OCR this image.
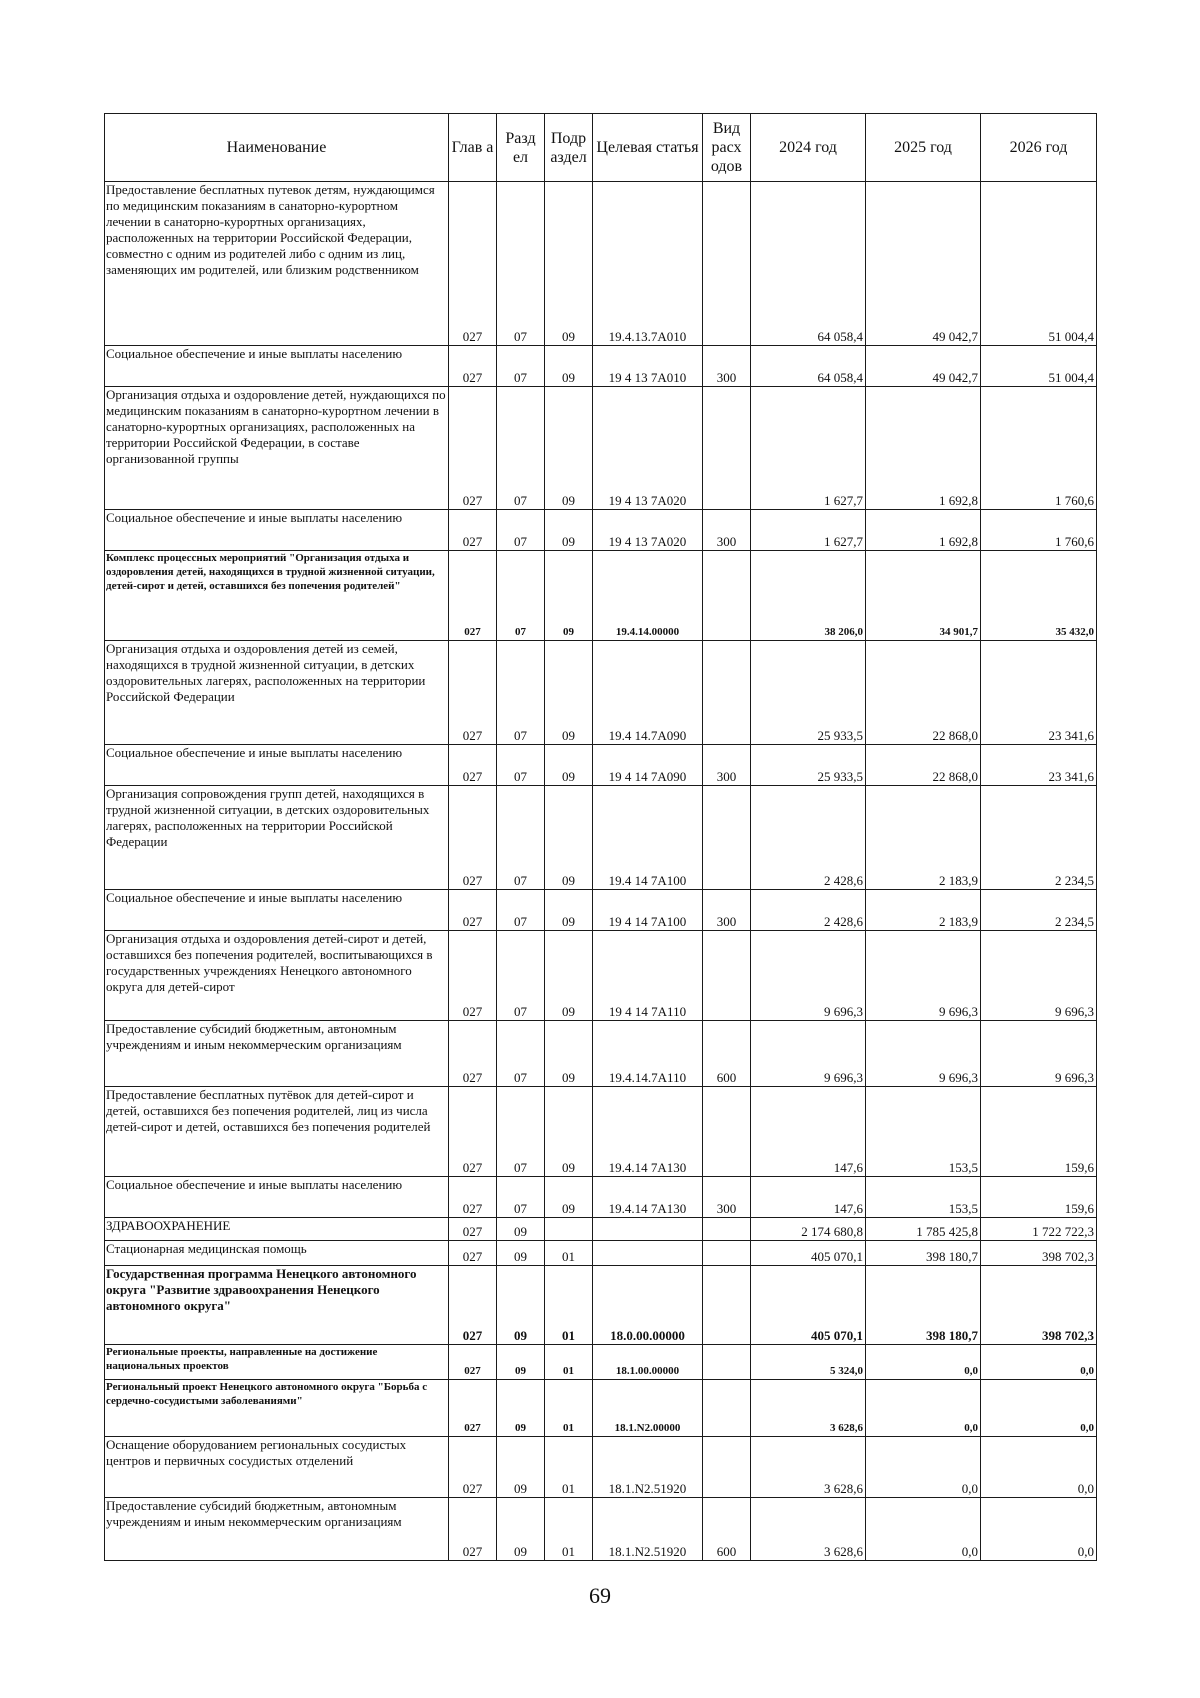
Наименование	Глав а	Разд ел	Подр аздел	Целевая статья	Вид расх одов	2024 год	2025 год	2026 год
Предоставление бесплатных путевок детям, нуждающимся по медицинским показаниям в санаторно-курортном лечении в санаторно-курортных организациях, расположенных на территории Российской Федерации, совместно с одним из родителей либо с одним из лиц, заменяющих им родителей, или близким родственником	027	07	09	19.4.13.7А010		64 058,4	49 042,7	51 004,4
Социальное обеспечение и иные выплаты населению	027	07	09	19 4 13 7А010	300	64 058,4	49 042,7	51 004,4
Организация отдыха и оздоровление детей, нуждающихся по медицинским показаниям в санаторно-курортном лечении в санаторно-курортных организациях, расположенных на территории Российской Федерации, в составе организованной группы	027	07	09	19 4 13 7А020		1 627,7	1 692,8	1 760,6
Социальное обеспечение и иные выплаты населению	027	07	09	19 4 13 7А020	300	1 627,7	1 692,8	1 760,6
Комплекс процессных мероприятий "Организация отдыха и оздоровления детей, находящихся в трудной жизненной ситуации, детей-сирот и детей, оставшихся без попечения родителей"	027	07	09	19.4.14.00000		38 206,0	34 901,7	35 432,0
Организация отдыха и оздоровления детей из семей, находящихся в трудной жизненной ситуации, в детских оздоровительных лагерях, расположенных на территории Российской Федерации	027	07	09	19.4 14.7А090		25 933,5	22 868,0	23 341,6
Социальное обеспечение и иные выплаты населению	027	07	09	19 4 14 7А090	300	25 933,5	22 868,0	23 341,6
Организация сопровождения групп детей, находящихся в трудной жизненной ситуации, в детских оздоровительных лагерях, расположенных на территории Российской Федерации	027	07	09	19.4 14 7А100		2 428,6	2 183,9	2 234,5
Социальное обеспечение и иные выплаты населению	027	07	09	19 4 14 7А100	300	2 428,6	2 183,9	2 234,5
Организация отдыха и оздоровления детей-сирот и детей, оставшихся без попечения родителей, воспитывающихся в государственных учреждениях Ненецкого автономного округа для детей-сирот	027	07	09	19 4 14 7А110		9 696,3	9 696,3	9 696,3
Предоставление субсидий бюджетным, автономным учреждениям и иным некоммерческим организациям	027	07	09	19.4.14.7А110	600	9 696,3	9 696,3	9 696,3
Предоставление бесплатных путёвок для детей-сирот и детей, оставшихся без попечения родителей, лиц из числа детей-сирот и детей, оставшихся без попечения родителей	027	07	09	19.4.14 7А130		147,6	153,5	159,6
Социальное обеспечение и иные выплаты населению	027	07	09	19.4.14 7А130	300	147,6	153,5	159,6
ЗДРАВООХРАНЕНИЕ	027	09				2 174 680,8	1 785 425,8	1 722 722,3
Стационарная медицинская помощь	027	09	01			405 070,1	398 180,7	398 702,3
Государственная программа Ненецкого автономного округа "Развитие здравоохранения Ненецкого автономного округа"	027	09	01	18.0.00.00000		405 070,1	398 180,7	398 702,3
Региональные проекты, направленные на достижение национальных проектов	027	09	01	18.1.00.00000		5 324,0	0,0	0,0
Региональный проект Ненецкого автономного округа "Борьба с сердечно-сосудистыми заболеваниями"	027	09	01	18.1.N2.00000		3 628,6	0,0	0,0
Оснащение оборудованием региональных сосудистых центров и первичных сосудистых отделений	027	09	01	18.1.N2.51920		3 628,6	0,0	0,0
Предоставление субсидий бюджетным, автономным учреждениям и иным некоммерческим организациям	027	09	01	18.1.N2.51920	600	3 628,6	0,0	0,0
69
